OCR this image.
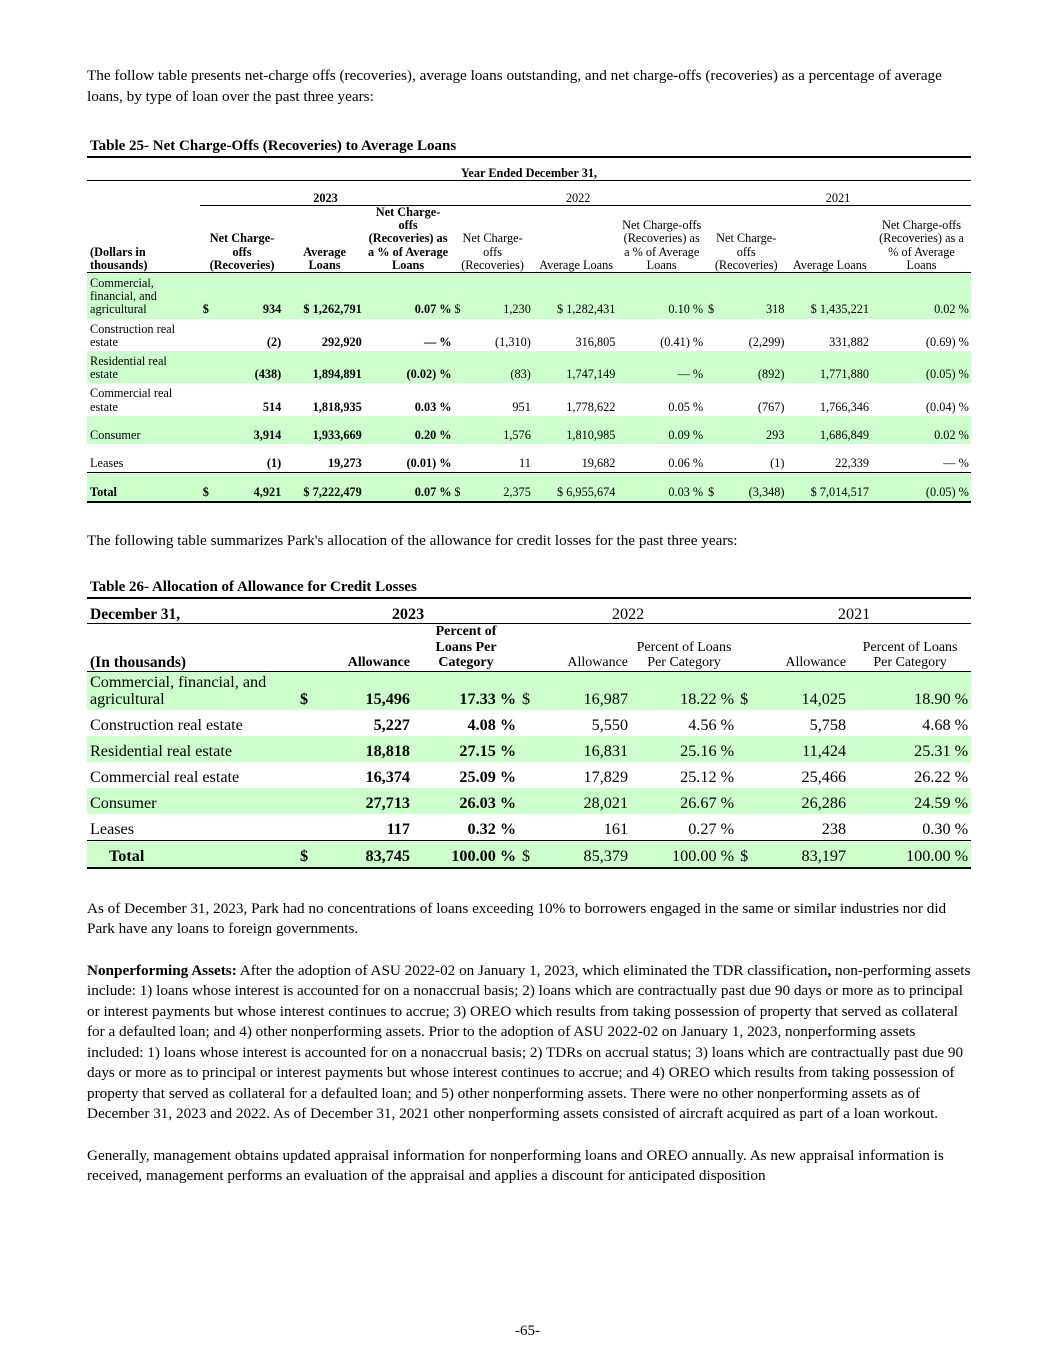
The follow table presents net-charge offs (recoveries), average loans outstanding, and net charge-offs (recoveries) as a percentage of average loans, by type of loan over the past three years:

Table 25- Net Charge-Offs (Recoveries) to Average Loans
Year Ended December 31,															
	2023					2022					2021				
(Dollars in thousands)	Net Charge-offs (Recoveries)		Average Loans	Net Charge-offs (Recoveries) as a % of Average Loans		Net Charge-offs (Recoveries)		Average Loans	Net Charge-offs (Recoveries) as a % of Average Loans		Net Charge-offs (Recoveries)		Average Loans	Net Charge-offs (Recoveries) as a % of Average Loans	
Commercial, financial, and agricultural	$	934	$ 1,262,791	0.07	%	$	1,230	$ 1,282,431	0.10	%	$	318	$ 1,435,221	0.02	%
Construction real estate		(2)	292,920	—	%		(1,310)	316,805	(0.41)	%		(2,299)	331,882	(0.69)	%
Residential real estate		(438)	1,894,891	(0.02)	%		(83)	1,747,149	—	%		(892)	1,771,880	(0.05)	%
Commercial real estate		514	1,818,935	0.03	%		951	1,778,622	0.05	%		(767)	1,766,346	(0.04)	%
Consumer		3,914	1,933,669	0.20	%		1,576	1,810,985	0.09	%		293	1,686,849	0.02	%
Leases		(1)	19,273	(0.01)	%		11	19,682	0.06	%		(1)	22,339	—	%
Total	$	4,921	$ 7,222,479	0.07	%	$	2,375	$ 6,955,674	0.03	%	$	(3,348)	$ 7,014,517	(0.05)	%

The following table summarizes Park's allocation of the allowance for credit losses for the past three years:

Table 26- Allocation of Allowance for Credit Losses
December 31,	2023			2022			2021		
(In thousands)	Allowance		Percent of Loans Per Category	Allowance		Percent of Loans Per Category	Allowance		Percent of Loans Per Category
Commercial, financial, and agricultural	$	15,496	17.33 %	$	16,987	18.22 %	$	14,025	18.90 %
Construction real estate		5,227	4.08 %		5,550	4.56 %		5,758	4.68 %
Residential real estate		18,818	27.15 %		16,831	25.16 %		11,424	25.31 %
Commercial real estate		16,374	25.09 %		17,829	25.12 %		25,466	26.22 %
Consumer		27,713	26.03 %		28,021	26.67 %		26,286	24.59 %
Leases		117	0.32 %		161	0.27 %		238	0.30 %
Total	$	83,745	100.00 %	$	85,379	100.00 %	$	83,197	100.00 %

As of December 31, 2023, Park had no concentrations of loans exceeding 10% to borrowers engaged in the same or similar industries nor did Park have any loans to foreign governments.

Nonperforming Assets: After the adoption of ASU 2022-02 on January 1, 2023, which eliminated the TDR classification, non-performing assets include: 1) loans whose interest is accounted for on a nonaccrual basis; 2) loans which are contractually past due 90 days or more as to principal or interest payments but whose interest continues to accrue; 3) OREO which results from taking possession of property that served as collateral for a defaulted loan; and 4) other nonperforming assets. Prior to the adoption of ASU 2022-02 on January 1, 2023, nonperforming assets included: 1) loans whose interest is accounted for on a nonaccrual basis; 2) TDRs on accrual status; 3) loans which are contractually past due 90 days or more as to principal or interest payments but whose interest continues to accrue; and 4) OREO which results from taking possession of property that served as collateral for a defaulted loan; and 5) other nonperforming assets. There were no other nonperforming assets as of December 31, 2023 and 2022. As of December 31, 2021 other nonperforming assets consisted of aircraft acquired as part of a loan workout.

Generally, management obtains updated appraisal information for nonperforming loans and OREO annually. As new appraisal information is received, management performs an evaluation of the appraisal and applies a discount for anticipated disposition

-65-
